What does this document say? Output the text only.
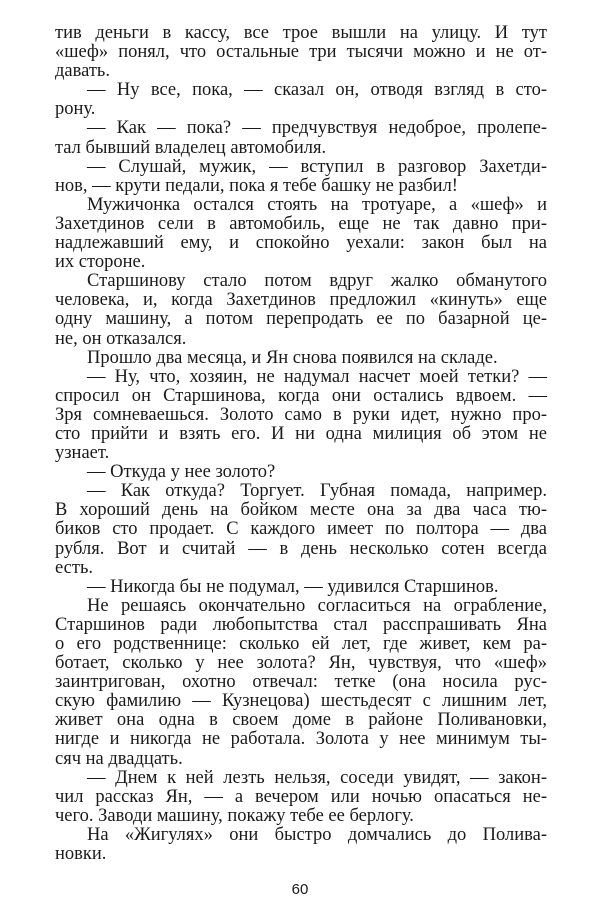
тив деньги в кассу, все трое вышли на улицу. И тут
«шеф» понял, что остальные три тысячи можно и не от-
давать.
— Ну все, пока, — сказал он, отводя взгляд в сто-
рону.
— Как — пока? — предчувствуя недоброе, пролепе-
тал бывший владелец автомобиля.
— Слушай, мужик, — вступил в разговор Захетди-
нов, — крути педали, пока я тебе башку не разбил!
Мужичонка остался стоять на тротуаре, а «шеф» и
Захетдинов сели в автомобиль, еще не так давно при-
надлежавший ему, и спокойно уехали: закон был на
их стороне.
Старшинову стало потом вдруг жалко обманутого
человека, и, когда Захетдинов предложил «кинуть» еще
одну машину, а потом перепродать ее по базарной це-
не, он отказался.
Прошло два месяца, и Ян снова появился на складе.
— Ну, что, хозяин, не надумал насчет моей тетки? —
спросил он Старшинова, когда они остались вдвоем. —
Зря сомневаешься. Золото само в руки идет, нужно про-
сто прийти и взять его. И ни одна милиция об этом не
узнает.
— Откуда у нее золото?
— Как откуда? Торгует. Губная помада, например.
В хороший день на бойком месте она за два часа тю-
биков сто продает. С каждого имеет по полтора — два
рубля. Вот и считай — в день несколько сотен всегда
есть.
— Никогда бы не подумал, — удивился Старшинов.
Не решаясь окончательно согласиться на ограбление,
Старшинов ради любопытства стал расспрашивать Яна
о его родственнице: сколько ей лет, где живет, кем ра-
ботает, сколько у нее золота? Ян, чувствуя, что «шеф»
заинтригован, охотно отвечал: тетке (она носила рус-
скую фамилию — Кузнецова) шестьдесят с лишним лет,
живет она одна в своем доме в районе Поливановки,
нигде и никогда не работала. Золота у нее минимум ты-
сяч на двадцать.
— Днем к ней лезть нельзя, соседи увидят, — закон-
чил рассказ Ян, — а вечером или ночью опасаться не-
чего. Заводи машину, покажу тебе ее берлогу.
На «Жигулях» они быстро домчались до Полива-
новки.
60
